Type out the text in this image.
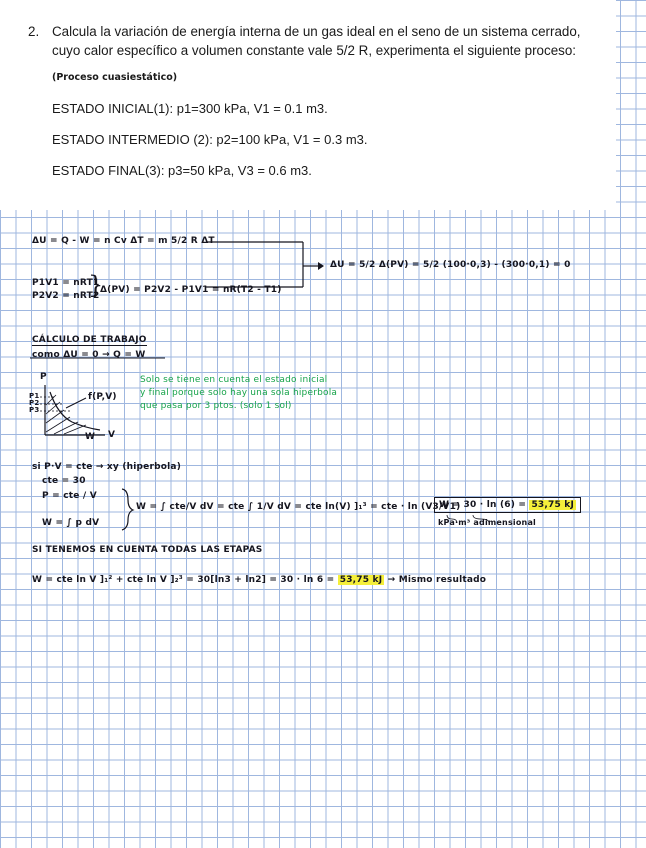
2. Calcula la variación de energía interna de un gas ideal en el seno de un sistema cerrado, cuyo calor específico a volumen constante vale 5/2 R, experimenta el siguiente proceso:
(Proceso cuasiestático)
ESTADO INICIAL(1): p1=300 kPa, V1 = 0.1 m3.
ESTADO INTERMEDIO (2): p2=100 kPa, V1 = 0.3 m3.
ESTADO FINAL(3): p3=50 kPa, V3 = 0.6 m3.
ΔU = Q - W = n Cv ΔT = m 5/2 R ΔT
P1V1 = nRT1
P2V2 = nRT2
}
Δ(PV) = P2V2 - P1V1 = nR(T2 - T1)
ΔU = 5/2 Δ(PV) = 5/2 (100·0,3) - (300·0,1) = 0
CÁLCULO DE TRABAJO
como ΔU = 0 → Q = W
P
V
P1
P2
P3
f(P,V)
W
Solo se tiene en cuenta el estado inicial
y final porque solo hay una sola hiperbola
que pasa por 3 ptos. (solo 1 sol)
si P·V = cte → xy (hiperbola)
cte = 30
P = cte / V
W = ∫ p dV
W = ∫ cte/V dV = cte ∫ 1/V dV = cte ln(V) ]₁³ = cte · ln (V3/V1)
W = 30 · ln (6) = 53,75 kJ
kPa·m³ adimensional
SI TENEMOS EN CUENTA TODAS LAS ETAPAS
W = cte ln V ]₁² + cte ln V ]₂³ = 30[ln3 + ln2] = 30 · ln 6 = 53,75 kJ → Mismo resultado
